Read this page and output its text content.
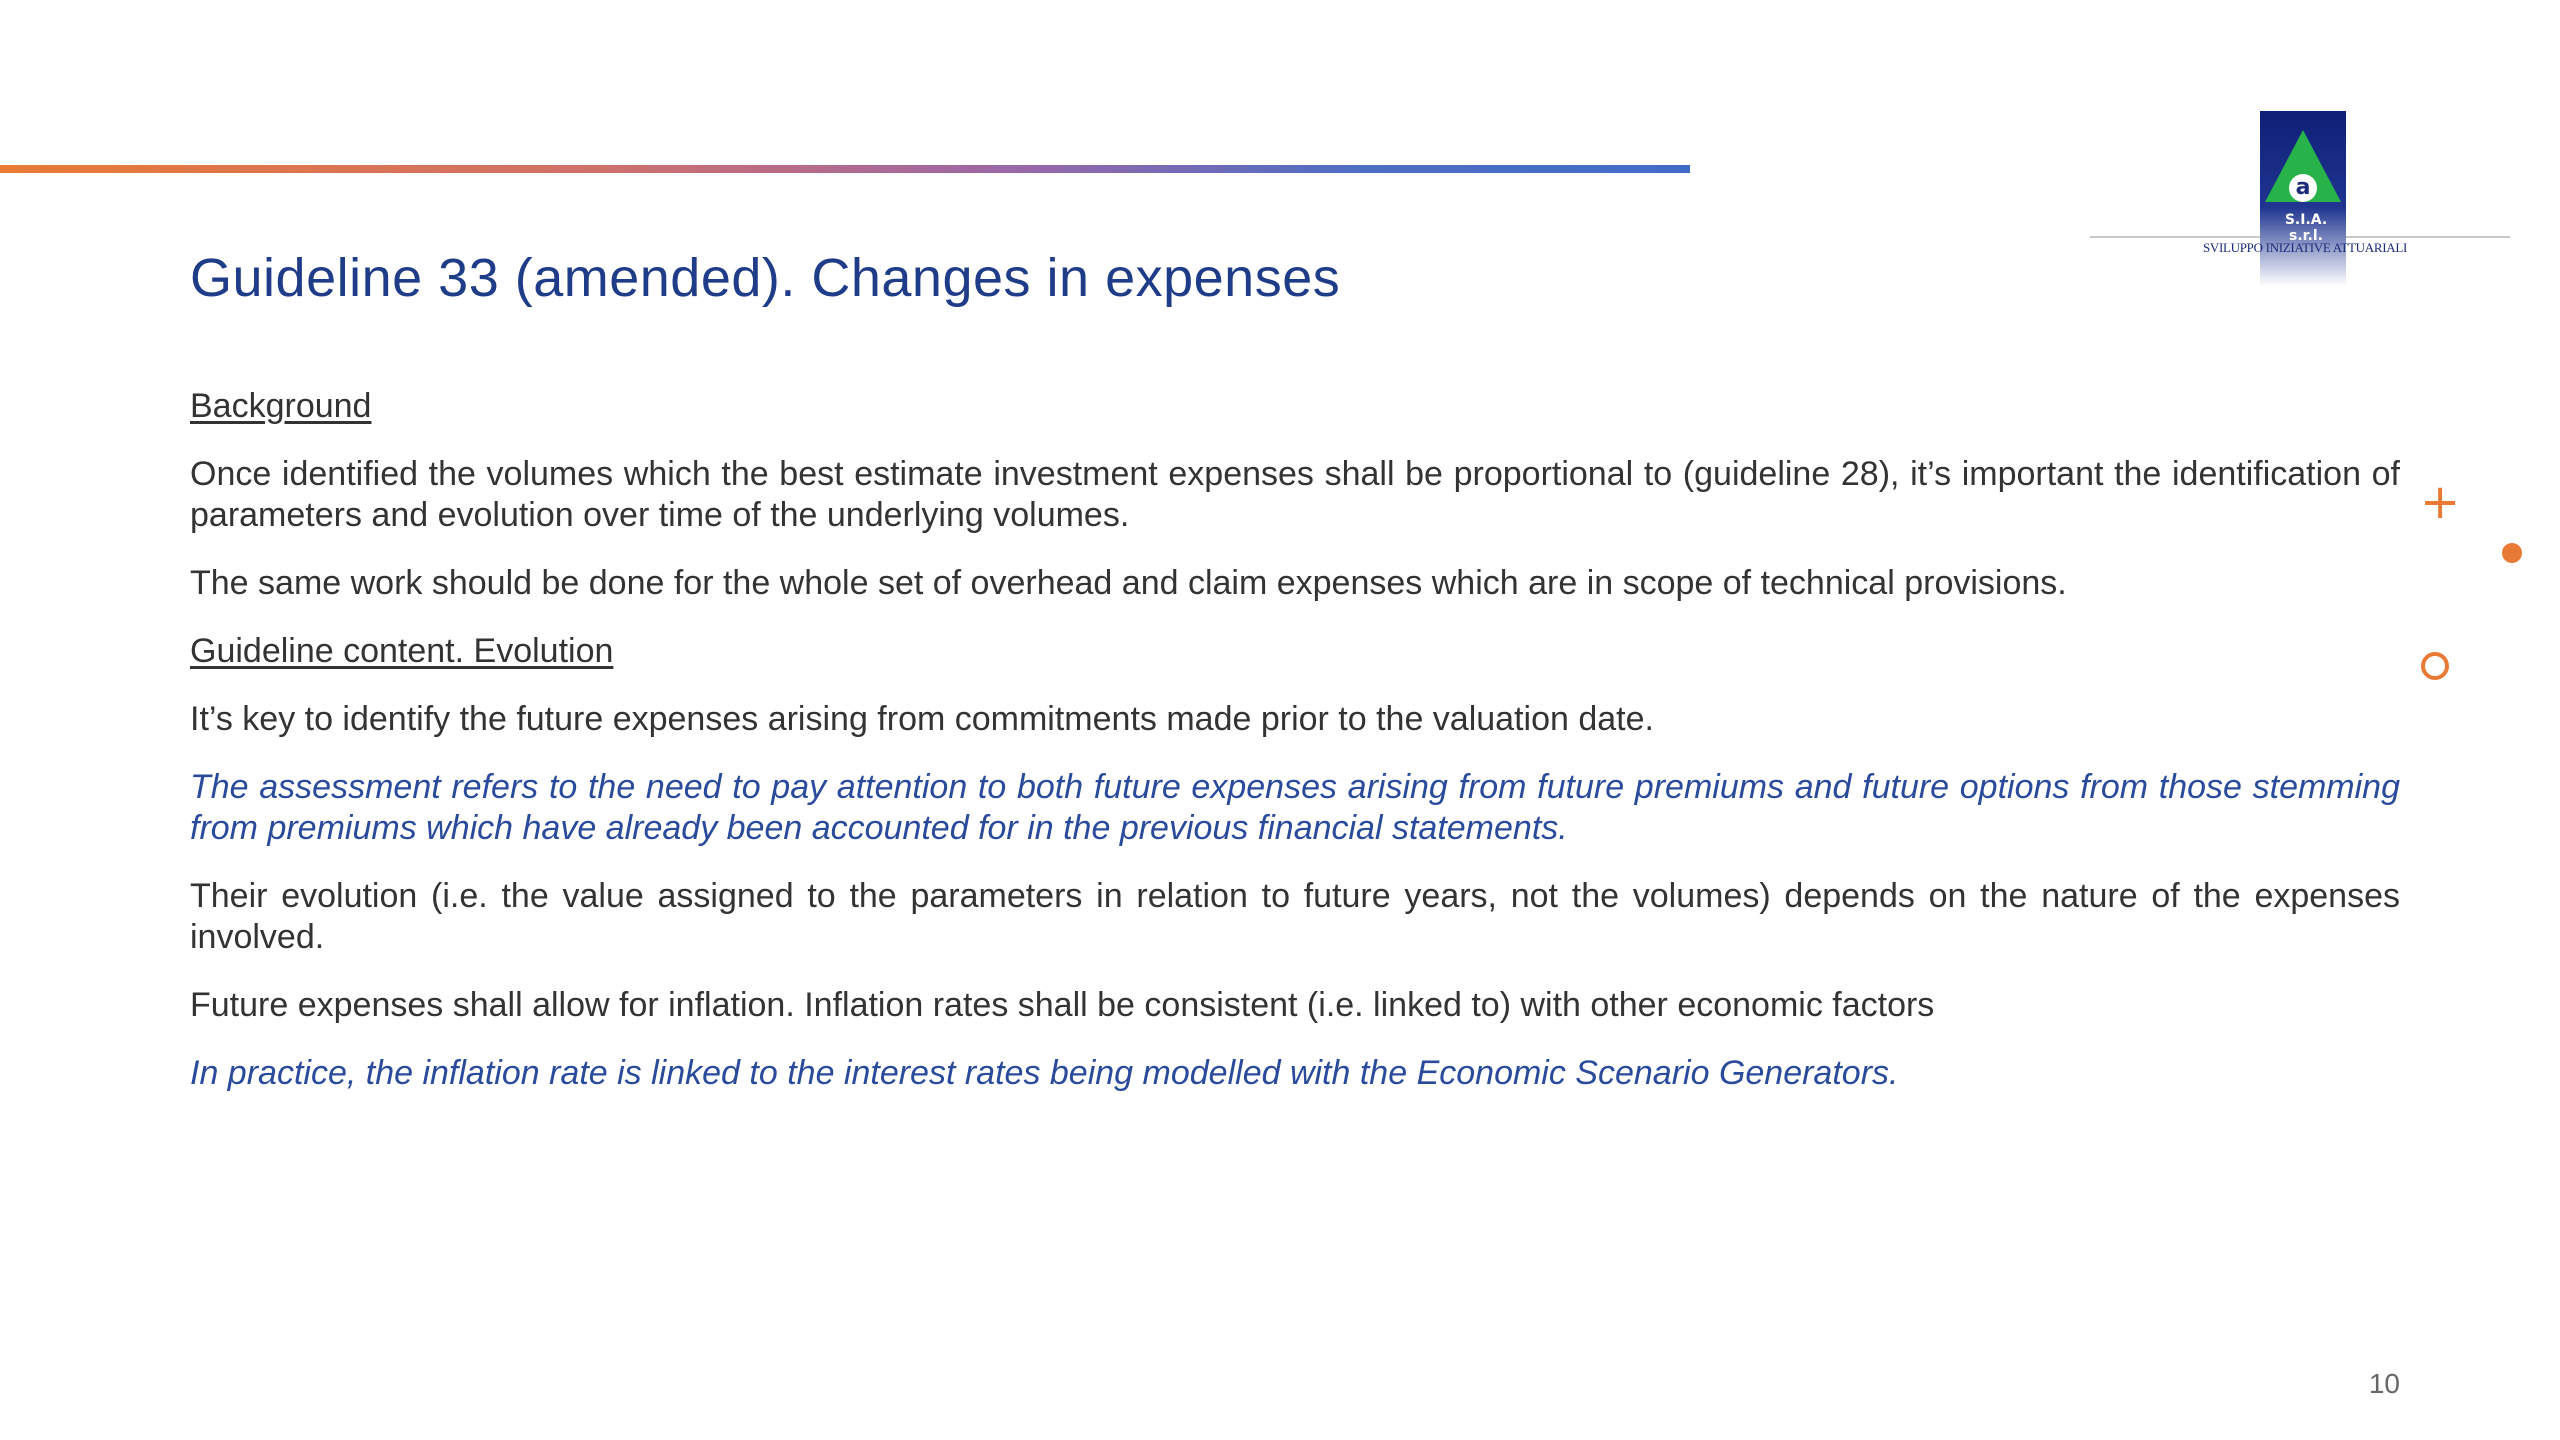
Guideline 33 (amended). Changes in expenses
a
S.I.A. s.r.l.
SVILUPPO INIZIATIVE ATTUARIALI

Background

Once identified the volumes which the best estimate investment expenses shall be proportional to (guideline 28), it’s important the identification of parameters and evolution over time of the underlying volumes.

The same work should be done for the whole set of overhead and claim expenses which are in scope of technical provisions.

Guideline content. Evolution

It’s key to identify the future expenses arising from commitments made prior to the valuation date.

The assessment refers to the need to pay attention to both future expenses arising from future premiums and future options from those stemming from premiums which have already been accounted for in the previous financial statements.

Their evolution (i.e. the value assigned to the parameters in relation to future years, not the volumes) depends on the nature of the expenses involved.

Future expenses shall allow for inflation. Inflation rates shall be consistent (i.e. linked to) with other economic factors

In practice, the inflation rate is linked to the interest rates being modelled with the Economic Scenario Generators.

+
10
